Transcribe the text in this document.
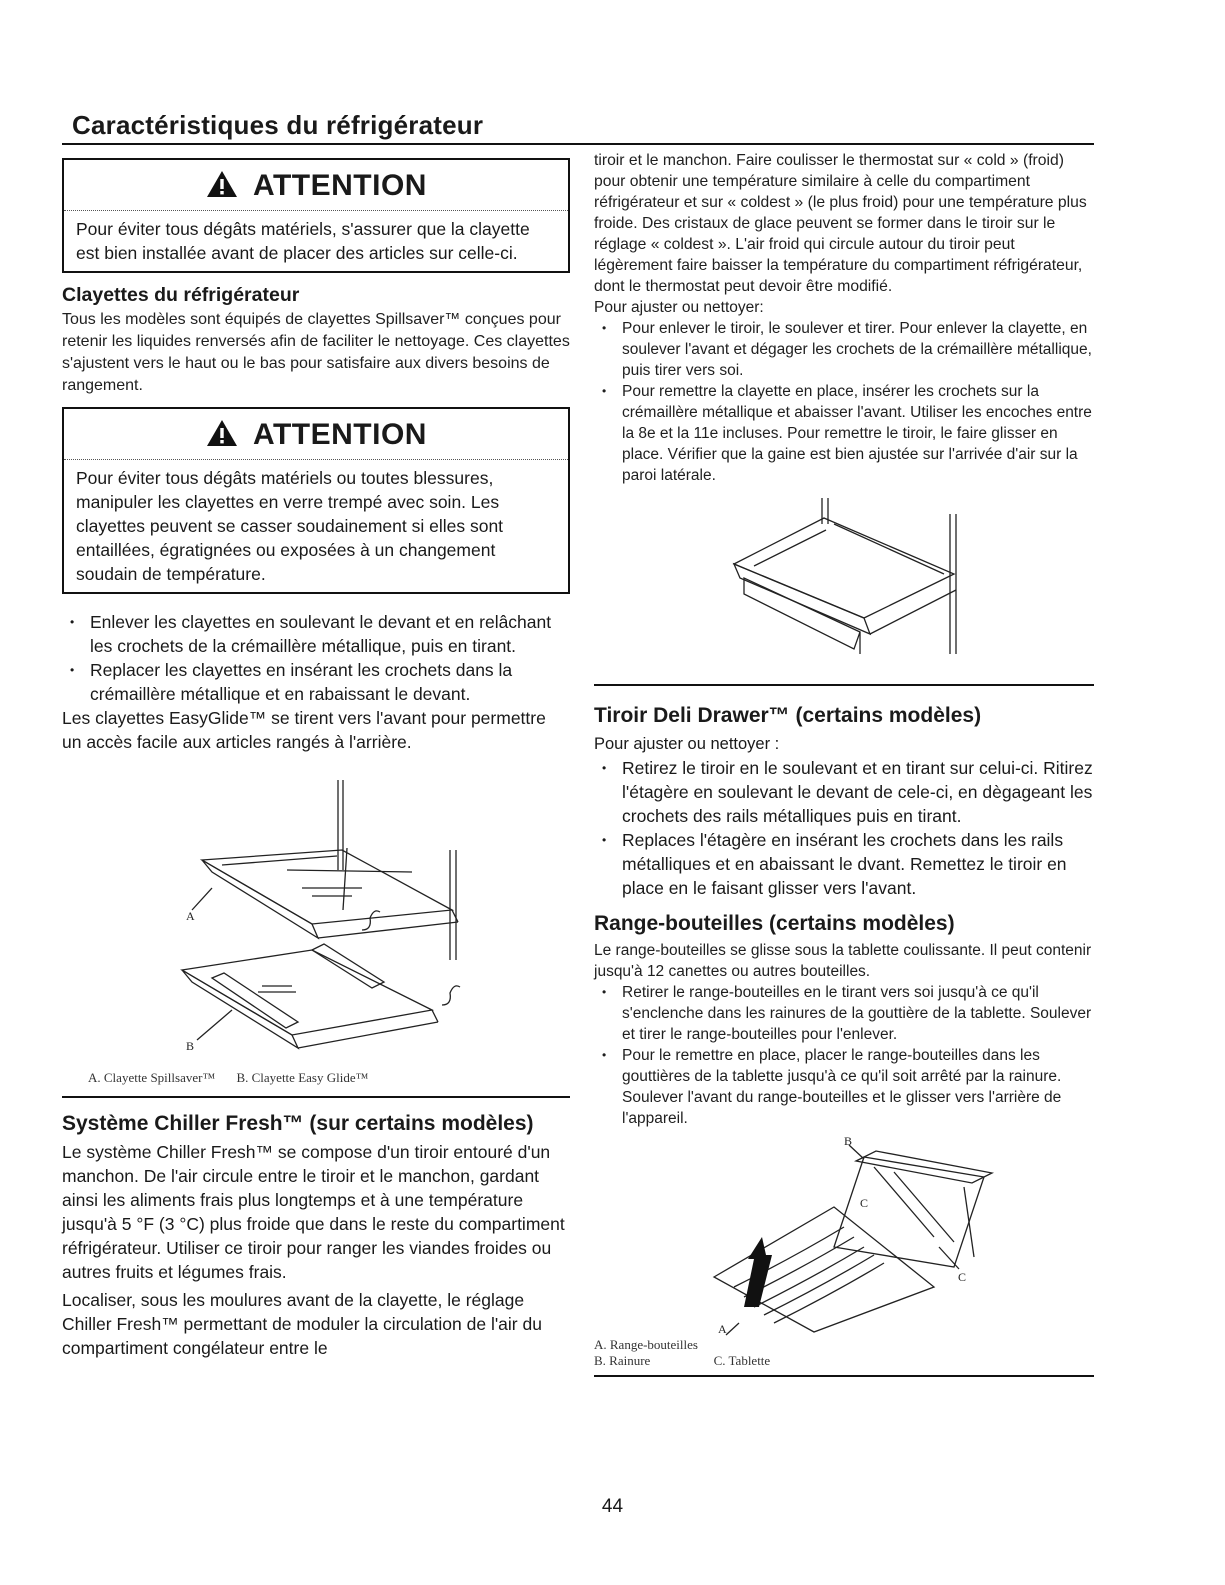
Caractéristiques du réfrigérateur
ATTENTION

Pour éviter tous dégâts matériels, s'assurer que la clayette est bien installée avant de placer des articles sur celle-ci.

Clayettes du réfrigérateur

Tous les modèles sont équipés de clayettes Spillsaver™ conçues pour retenir les liquides renversés afin de faciliter le nettoyage. Ces clayettes s'ajustent vers le haut ou le bas pour satisfaire aux divers besoins de rangement.

ATTENTION

Pour éviter tous dégâts matériels ou toutes blessures, manipuler les clayettes en verre trempé avec soin. Les clayettes peuvent se casser soudainement si elles sont entaillées, égratignées ou exposées à un changement soudain de température.

• Enlever les clayettes en soulevant le devant et en relâchant les crochets de la crémaillère métallique, puis en tirant.
• Replacer les clayettes en insérant les crochets dans la crémaillère métallique et en rabaissant le devant.

Les clayettes EasyGlide™ se tirent vers l'avant pour permettre un accès facile aux articles rangés à l'arrière.

A
B

A. Clayette Spillsaver™ B. Clayette Easy Glide™

Système Chiller Fresh™ (sur certains modèles)

Le système Chiller Fresh™ se compose d'un tiroir entouré d'un manchon. De l'air circule entre le tiroir et le manchon, gardant ainsi les aliments frais plus longtemps et à une température jusqu'à 5 °F (3 °C) plus froide que dans le reste du compartiment réfrigérateur. Utiliser ce tiroir pour ranger les viandes froides ou autres fruits et légumes frais.

Localiser, sous les moulures avant de la clayette, le réglage Chiller Fresh™ permettant de moduler la circulation de l'air du compartiment congélateur entre le

tiroir et le manchon. Faire coulisser le thermostat sur « cold » (froid) pour obtenir une température similaire à celle du compartiment réfrigérateur et sur « coldest » (le plus froid) pour une température plus froide. Des cristaux de glace peuvent se former dans le tiroir sur le réglage « coldest ». L'air froid qui circule autour du tiroir peut légèrement faire baisser la température du compartiment réfrigérateur, dont le thermostat peut devoir être modifié.

Pour ajuster ou nettoyer:

• Pour enlever le tiroir, le soulever et tirer. Pour enlever la clayette, en soulever l'avant et dégager les crochets de la crémaillère métallique, puis tirer vers soi.
• Pour remettre la clayette en place, insérer les crochets sur la crémaillère métallique et abaisser l'avant. Utiliser les encoches entre la 8e et la 11e incluses. Pour remettre le tiroir, le faire glisser en place. Vérifier que la gaine est bien ajustée sur l'arrivée d'air sur la paroi latérale.
Tiroir Deli Drawer™ (certains modèles)

Pour ajuster ou nettoyer :

• Retirez le tiroir en le soulevant et en tirant sur celui-ci. Ritirez l'étagère en soulevant le devant de cele-ci, en dègageant les crochets des rails métalliques puis en tirant.
• Replaces l'étagère en insérant les crochets dans les rails métalliques et en abaissant le dvant. Remettez le tiroir en place en le faisant glisser vers l'avant.
Range-bouteilles (certains modèles)

Le range-bouteilles se glisse sous la tablette coulissante. Il peut contenir jusqu'à 12 canettes ou autres bouteilles.

• Retirer le range-bouteilles en le tirant vers soi jusqu'à ce qu'il s'enclenche dans les rainures de la gouttière de la tablette. Soulever et tirer le range-bouteilles pour l'enlever.
• Pour le remettre en place, placer le range-bouteilles dans les gouttières de la tablette jusqu'à ce qu'il soit arrêté par la rainure. Soulever l'avant du range-bouteilles et le glisser vers l'arrière de l'appareil.
B
C
C
A

A. Range-bouteilles

B. Rainure	C. Tablette

44
